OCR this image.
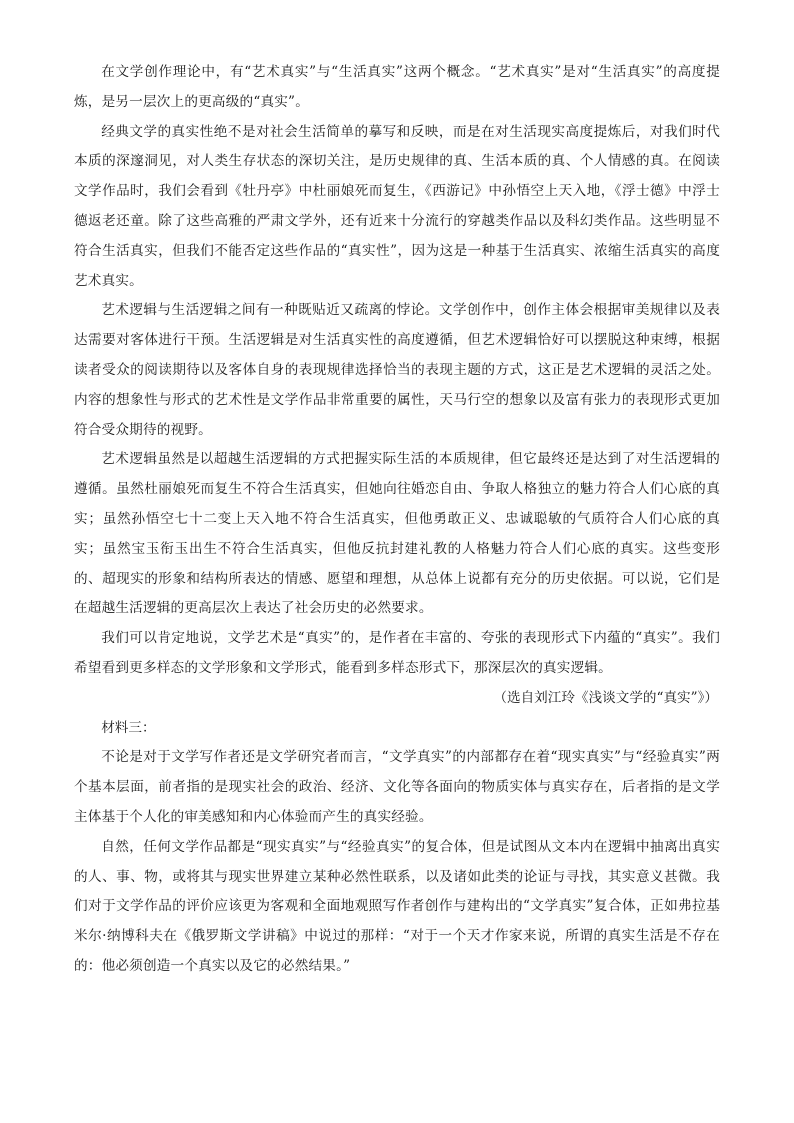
在文学创作理论中，有“艺术真实”与“生活真实”这两个概念。“艺术真实”是对“生活真实”的高度提炼，是另一层次上的更高级的“真实”。

经典文学的真实性绝不是对社会生活简单的摹写和反映，而是在对生活现实高度提炼后，对我们时代本质的深邃洞见，对人类生存状态的深切关注，是历史规律的真、生活本质的真、个人情感的真。在阅读文学作品时，我们会看到《牡丹亭》中杜丽娘死而复生，《西游记》中孙悟空上天入地，《浮士德》中浮士德返老还童。除了这些高雅的严肃文学外，还有近来十分流行的穿越类作品以及科幻类作品。这些明显不符合生活真实，但我们不能否定这些作品的“真实性”，因为这是一种基于生活真实、浓缩生活真实的高度艺术真实。

艺术逻辑与生活逻辑之间有一种既贴近又疏离的悖论。文学创作中，创作主体会根据审美规律以及表达需要对客体进行干预。生活逻辑是对生活真实性的高度遵循，但艺术逻辑恰好可以摆脱这种束缚，根据读者受众的阅读期待以及客体自身的表现规律选择恰当的表现主题的方式，这正是艺术逻辑的灵活之处。内容的想象性与形式的艺术性是文学作品非常重要的属性，天马行空的想象以及富有张力的表现形式更加符合受众期待的视野。

艺术逻辑虽然是以超越生活逻辑的方式把握实际生活的本质规律，但它最终还是达到了对生活逻辑的遵循。虽然杜丽娘死而复生不符合生活真实，但她向往婚恋自由、争取人格独立的魅力符合人们心底的真实；虽然孙悟空七十二变上天入地不符合生活真实，但他勇敢正义、忠诚聪敏的气质符合人们心底的真实；虽然宝玉衔玉出生不符合生活真实，但他反抗封建礼教的人格魅力符合人们心底的真实。这些变形的、超现实的形象和结构所表达的情感、愿望和理想，从总体上说都有充分的历史依据。可以说，它们是在超越生活逻辑的更高层次上表达了社会历史的必然要求。

我们可以肯定地说，文学艺术是“真实”的，是作者在丰富的、夸张的表现形式下内蕴的“真实”。我们希望看到更多样态的文学形象和文学形式，能看到多样态形式下，那深层次的真实逻辑。

（选自刘江玲《浅谈文学的“真实”》）

材料三：

不论是对于文学写作者还是文学研究者而言，“文学真实”的内部都存在着“现实真实”与“经验真实”两个基本层面，前者指的是现实社会的政治、经济、文化等各面向的物质实体与真实存在，后者指的是文学主体基于个人化的审美感知和内心体验而产生的真实经验。

自然，任何文学作品都是“现实真实”与“经验真实”的复合体，但是试图从文本内在逻辑中抽离出真实的人、事、物，或将其与现实世界建立某种必然性联系，以及诸如此类的论证与寻找，其实意义甚微。我们对于文学作品的评价应该更为客观和全面地观照写作者创作与建构出的“文学真实”复合体，正如弗拉基米尔·纳博科夫在《俄罗斯文学讲稿》中说过的那样：“对于一个天才作家来说，所谓的真实生活是不存在的：他必须创造一个真实以及它的必然结果。”
